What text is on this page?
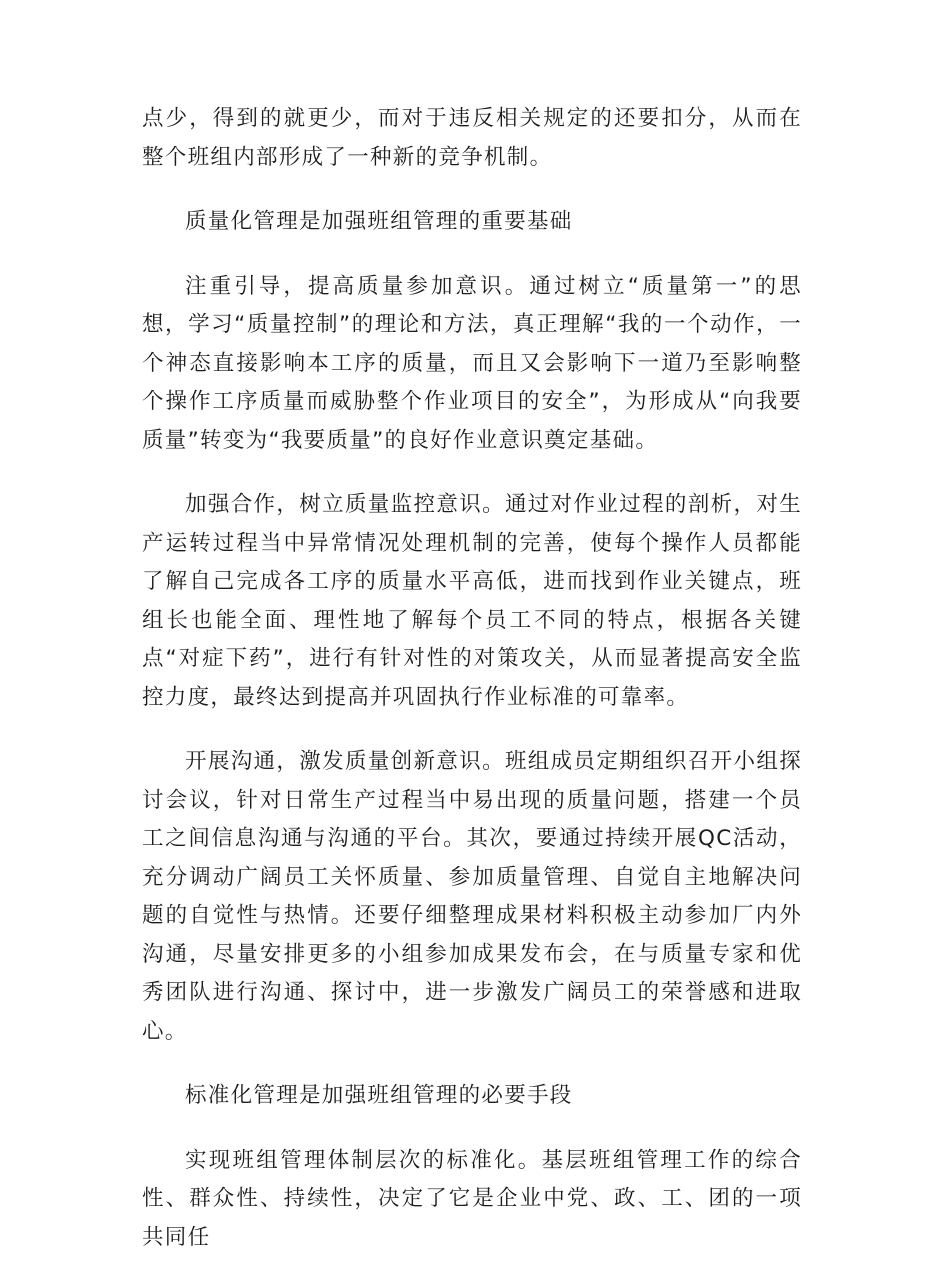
点少，得到的就更少，而对于违反相关规定的还要扣分，从而在整个班组内部形成了一种新的竞争机制。

质量化管理是加强班组管理的重要基础

注重引导，提高质量参加意识。通过树立“质量第一”的思想，学习“质量控制”的理论和方法，真正理解“我的一个动作，一个神态直接影响本工序的质量，而且又会影响下一道乃至影响整个操作工序质量而威胁整个作业项目的安全”，为形成从“向我要质量”转变为“我要质量”的良好作业意识奠定基础。

加强合作，树立质量监控意识。通过对作业过程的剖析，对生产运转过程当中异常情况处理机制的完善，使每个操作人员都能了解自己完成各工序的质量水平高低，进而找到作业关键点，班组长也能全面、理性地了解每个员工不同的特点，根据各关键点“对症下药”，进行有针对性的对策攻关，从而显著提高安全监控力度，最终达到提高并巩固执行作业标准的可靠率。

开展沟通，激发质量创新意识。班组成员定期组织召开小组探讨会议，针对日常生产过程当中易出现的质量问题，搭建一个员工之间信息沟通与沟通的平台。其次，要通过持续开展QC活动，充分调动广阔员工关怀质量、参加质量管理、自觉自主地解决问题的自觉性与热情。还要仔细整理成果材料积极主动参加厂内外沟通，尽量安排更多的小组参加成果发布会，在与质量专家和优秀团队进行沟通、探讨中，进一步激发广阔员工的荣誉感和进取心。

标准化管理是加强班组管理的必要手段

实现班组管理体制层次的标准化。基层班组管理工作的综合性、群众性、持续性，决定了它是企业中党、政、工、团的一项共同任
